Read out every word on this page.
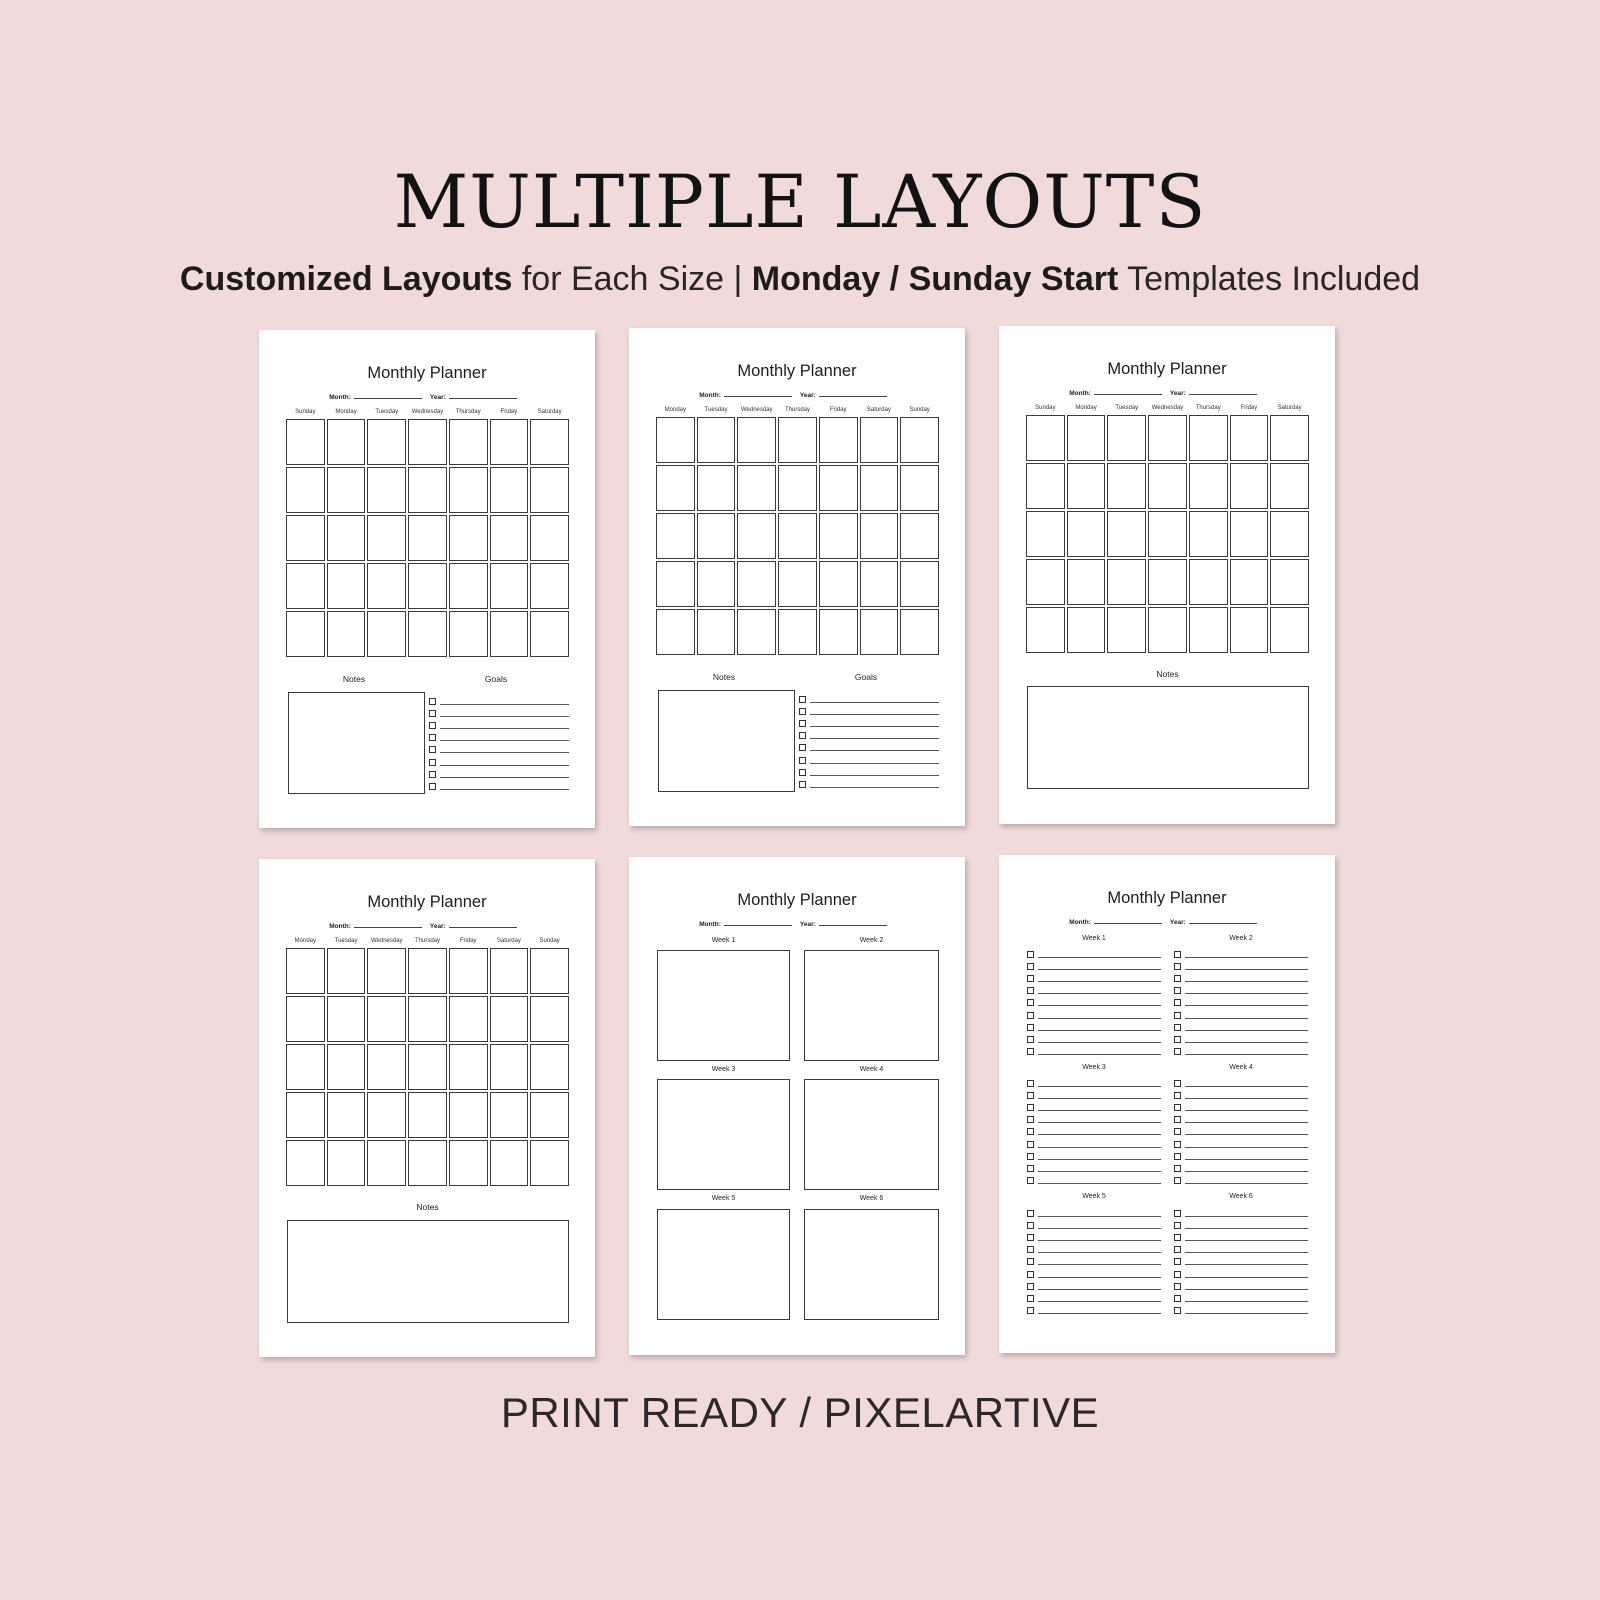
MULTIPLE LAYOUTS
Customized Layouts for Each Size | Monday / Sunday Start Templates Included
Monthly Planner
Month:	Year:
Sunday	Monday	Tuesday	Wednesday	Thursday	Friday	Saturday
Notes	Goals
Monthly Planner
Month:	Year:
Monday	Tuesday	Wednesday	Thursday	Friday	Saturday	Sunday
Notes	Goals
Monthly Planner
Month:	Year:
Sunday	Monday	Tuesday	Wednesday	Thursday	Friday	Saturday
Notes
Monthly Planner
Month:	Year:
Monday	Tuesday	Wednesday	Thursday	Friday	Saturday	Sunday
Notes
Monthly Planner
Month:	Year:
Week 1	Week 2
Week 3	Week 4
Week 5	Week 6
Monthly Planner
Month:	Year:
Week 1	Week 2
Week 3	Week 4
Week 5	Week 6
PRINT READY / PIXELARTIVE
